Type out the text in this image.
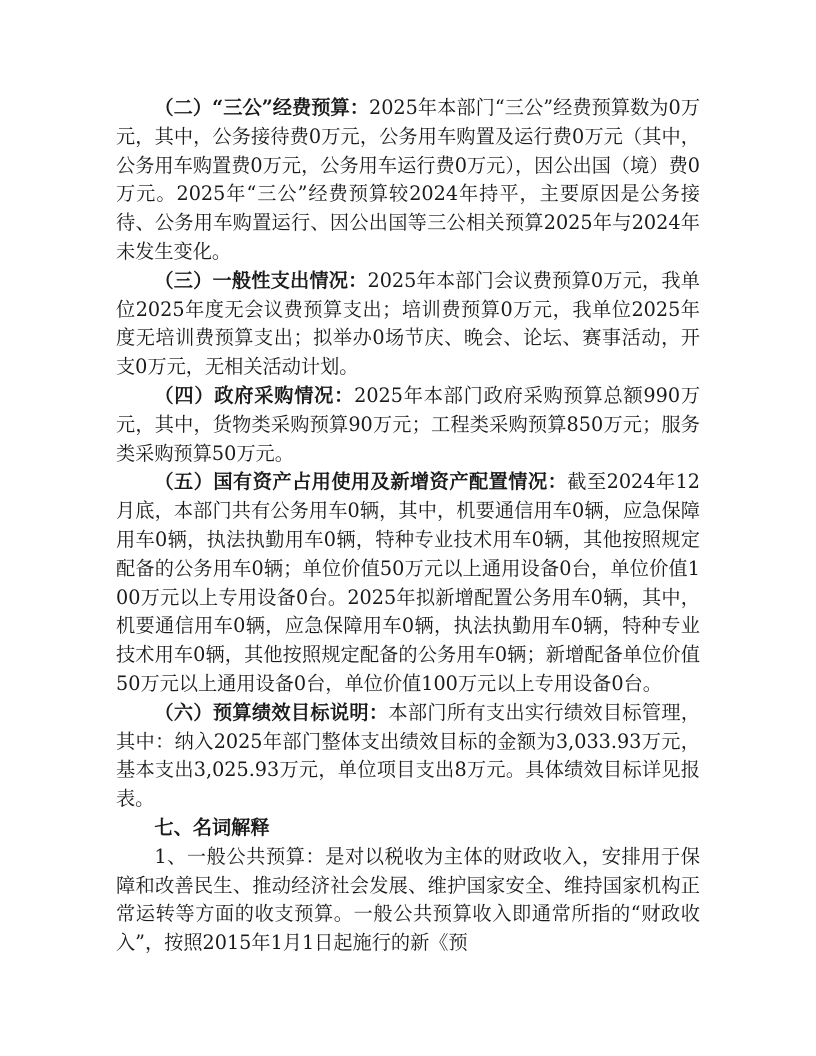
（二）“三公”经费预算：2025年本部门“三公”经费预算数为0万元，其中，公务接待费0万元，公务用车购置及运行费0万元（其中，公务用车购置费0万元，公务用车运行费0万元），因公出国（境）费0万元。2025年“三公”经费预算较2024年持平，主要原因是公务接待、公务用车购置运行、因公出国等三公相关预算2025年与2024年未发生变化。

（三）一般性支出情况：2025年本部门会议费预算0万元，我单位2025年度无会议费预算支出；培训费预算0万元，我单位2025年度无培训费预算支出；拟举办0场节庆、晚会、论坛、赛事活动，开支0万元，无相关活动计划。

（四）政府采购情况：2025年本部门政府采购预算总额990万元，其中，货物类采购预算90万元；工程类采购预算850万元；服务类采购预算50万元。

（五）国有资产占用使用及新增资产配置情况：截至2024年12月底，本部门共有公务用车0辆，其中，机要通信用车0辆，应急保障用车0辆，执法执勤用车0辆，特种专业技术用车0辆，其他按照规定配备的公务用车0辆；单位价值50万元以上通用设备0台，单位价值100万元以上专用设备0台。2025年拟新增配置公务用车0辆，其中，机要通信用车0辆，应急保障用车0辆，执法执勤用车0辆，特种专业技术用车0辆，其他按照规定配备的公务用车0辆；新增配备单位价值50万元以上通用设备0台，单位价值100万元以上专用设备0台。

（六）预算绩效目标说明：本部门所有支出实行绩效目标管理，其中：纳入2025年部门整体支出绩效目标的金额为3,033.93万元，基本支出3,025.93万元，单位项目支出8万元。具体绩效目标详见报表。

七、名词解释

1、一般公共预算：是对以税收为主体的财政收入，安排用于保障和改善民生、推动经济社会发展、维护国家安全、维持国家机构正常运转等方面的收支预算。一般公共预算收入即通常所指的“财政收入”，按照2015年1月1日起施行的新《预
